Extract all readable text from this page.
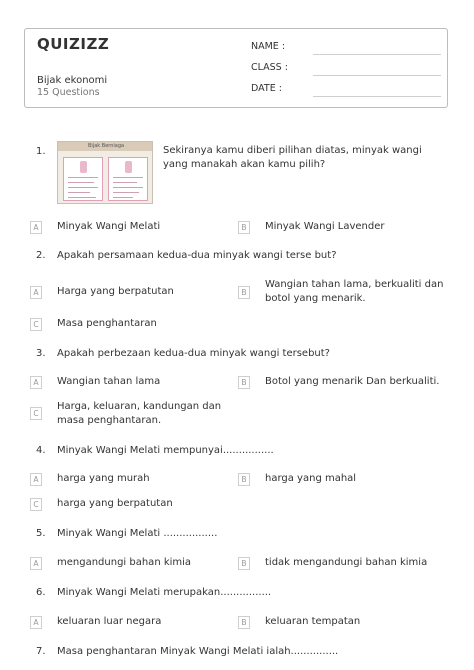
QUIZIZZ
Bijak ekonomi
15 Questions
NAME :
CLASS :
DATE :
1.	Bijak Berniaga	Sekiranya kamu diberi pilihan diatas, minyak wangi yang manakah akan kamu pilih?
A	Minyak Wangi Melati	B	Minyak Wangi Lavender
2. Apakah persamaan kedua-dua minyak wangi terse but?
A	Harga yang berpatutan	B
Wangian tahan lama, berkualiti dan botol yang menarik.
C	Masa penghantaran
3. Apakah perbezaan kedua-dua minyak wangi tersebut?
A	Wangian tahan lama	B	Botol yang menarik Dan berkualiti.
C
Harga, keluaran, kandungan dan masa penghantaran.
4. Minyak Wangi Melati mempunyai................
A	harga yang murah	B	harga yang mahal
C	harga yang berpatutan
5. Minyak Wangi Melati .................
A	mengandungi bahan kimia	B	tidak mengandungi bahan kimia
6. Minyak Wangi Melati merupakan................
A	keluaran luar negara	B	keluaran tempatan
7. Masa penghantaran Minyak Wangi Melati ialah...............
